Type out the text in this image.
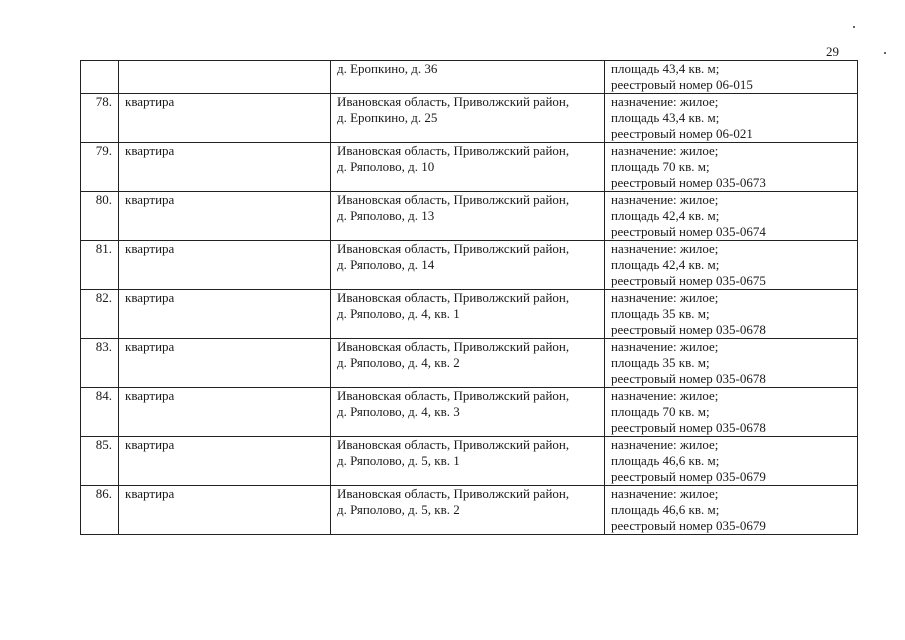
29

		д. Еропкино, д. 36	площадь 43,4 кв. м;
реестровый номер 06-015

78.	квартира	Ивановская область, Приволжский район,
д. Еропкино, д. 25	назначение: жилое;
площадь 43,4 кв. м;
реестровый номер 06-021

79.	квартира	Ивановская область, Приволжский район,
д. Ряполово, д. 10	назначение: жилое;
площадь 70 кв. м;
реестровый номер 035-0673

80.	квартира	Ивановская область, Приволжский район,
д. Ряполово, д. 13	назначение: жилое;
площадь 42,4 кв. м;
реестровый номер 035-0674

81.	квартира	Ивановская область, Приволжский район,
д. Ряполово, д. 14	назначение: жилое;
площадь 42,4 кв. м;
реестровый номер 035-0675

82.	квартира	Ивановская область, Приволжский район,
д. Ряполово, д. 4, кв. 1	назначение: жилое;
площадь 35 кв. м;
реестровый номер 035-0678

83.	квартира	Ивановская область, Приволжский район,
д. Ряполово, д. 4, кв. 2	назначение: жилое;
площадь 35 кв. м;
реестровый номер 035-0678

84.	квартира	Ивановская область, Приволжский район,
д. Ряполово, д. 4, кв. 3	назначение: жилое;
площадь 70 кв. м;
реестровый номер 035-0678

85.	квартира	Ивановская область, Приволжский район,
д. Ряполово, д. 5, кв. 1	назначение: жилое;
площадь 46,6 кв. м;
реестровый номер 035-0679

86.	квартира	Ивановская область, Приволжский район,
д. Ряполово, д. 5, кв. 2	назначение: жилое;
площадь 46,6 кв. м;
реестровый номер 035-0679
